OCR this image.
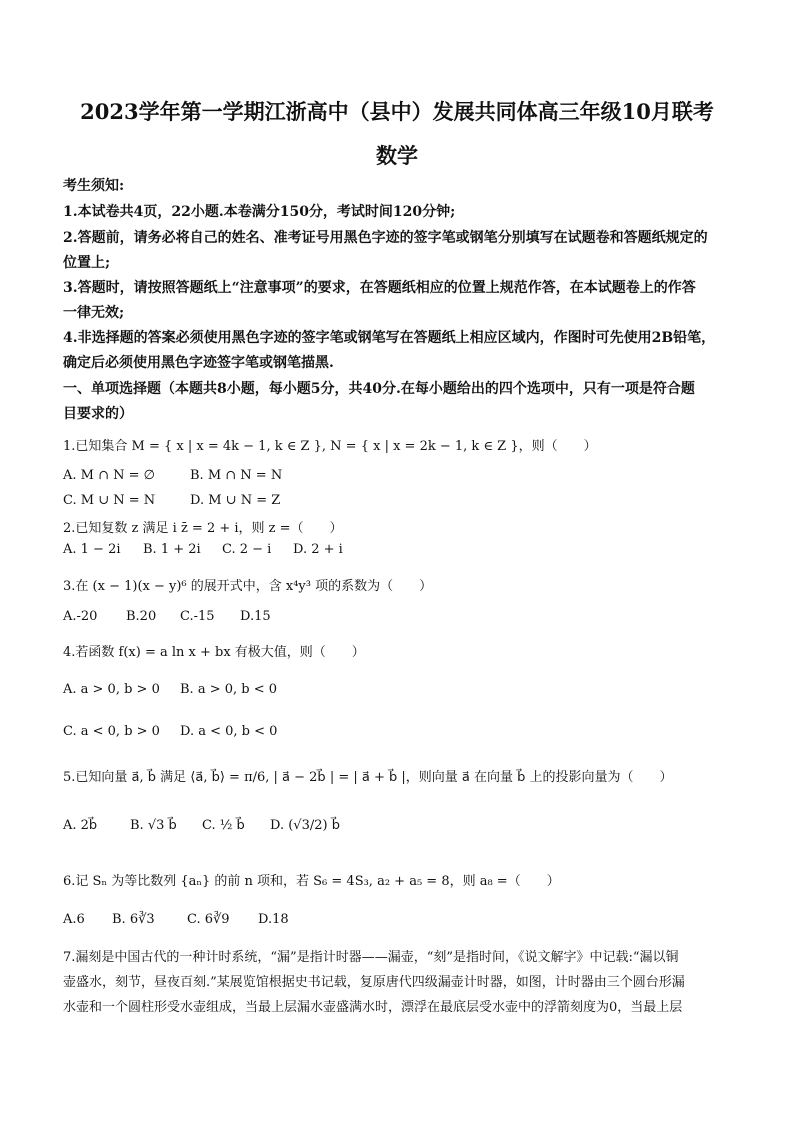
2023学年第一学期江浙高中（县中）发展共同体高三年级10月联考
数学
考生须知:
1.本试卷共4页，22小题.本卷满分150分，考试时间120分钟;
2.答题前，请务必将自己的姓名、准考证号用黑色字迹的签字笔或钢笔分别填写在试题卷和答题纸规定的
位置上;
3.答题时，请按照答题纸上“注意事项”的要求，在答题纸相应的位置上规范作答，在本试题卷上的作答
一律无效;
4.非选择题的答案必须使用黑色字迹的签字笔或钢笔写在答题纸上相应区域内，作图时可先使用2B铅笔，
确定后必须使用黑色字迹签字笔或钢笔描黑.
一、单项选择题（本题共8小题，每小题5分，共40分.在每小题给出的四个选项中，只有一项是符合题
目要求的）
1.已知集合 M = { x | x = 4k − 1, k ∈ Z }, N = { x | x = 2k − 1, k ∈ Z }，则（　　）
A. M ∩ N = ∅	B. M ∩ N = N
C. M ∪ N = N	D. M ∪ N = Z
2.已知复数 z 满足 i z̄ = 2 + i，则 z =（　　）
A. 1 − 2i B. 1 + 2i C. 2 − i D. 2 + i
3.在 (x − 1)(x − y)⁶ 的展开式中，含 x⁴y³ 项的系数为（　　）
A.-20 B.20 C.-15 D.15
4.若函数 f(x) = a ln x + bx 有极大值，则（　　）
A. a > 0, b > 0 B. a > 0, b < 0
C. a < 0, b > 0 D. a < 0, b < 0
5.已知向量 a⃗, b⃗ 满足 ⟨a⃗, b⃗⟩ = π/6, | a⃗ − 2b⃗ | = | a⃗ + b⃗ |，则向量 a⃗ 在向量 b⃗ 上的投影向量为（　　）
A. 2b⃗	B. √3 b⃗ C. ½ b⃗ D. (√3/2) b⃗
6.记 Sₙ 为等比数列 {aₙ} 的前 n 项和，若 S₆ = 4S₃, a₂ + a₅ = 8，则 a₈ =（　　）
A.6 B. 6∛3 C. 6∛9 D.18
7.漏刻是中国古代的一种计时系统，“漏”是指计时器——漏壶，“刻”是指时间，《说文解字》中记载:“漏以铜
壶盛水，刻节，昼夜百刻.”某展览馆根据史书记载，复原唐代四级漏壶计时器，如图，计时器由三个圆台形漏
水壶和一个圆柱形受水壶组成，当最上层漏水壶盛满水时，漂浮在最底层受水壶中的浮箭刻度为0，当最上层
